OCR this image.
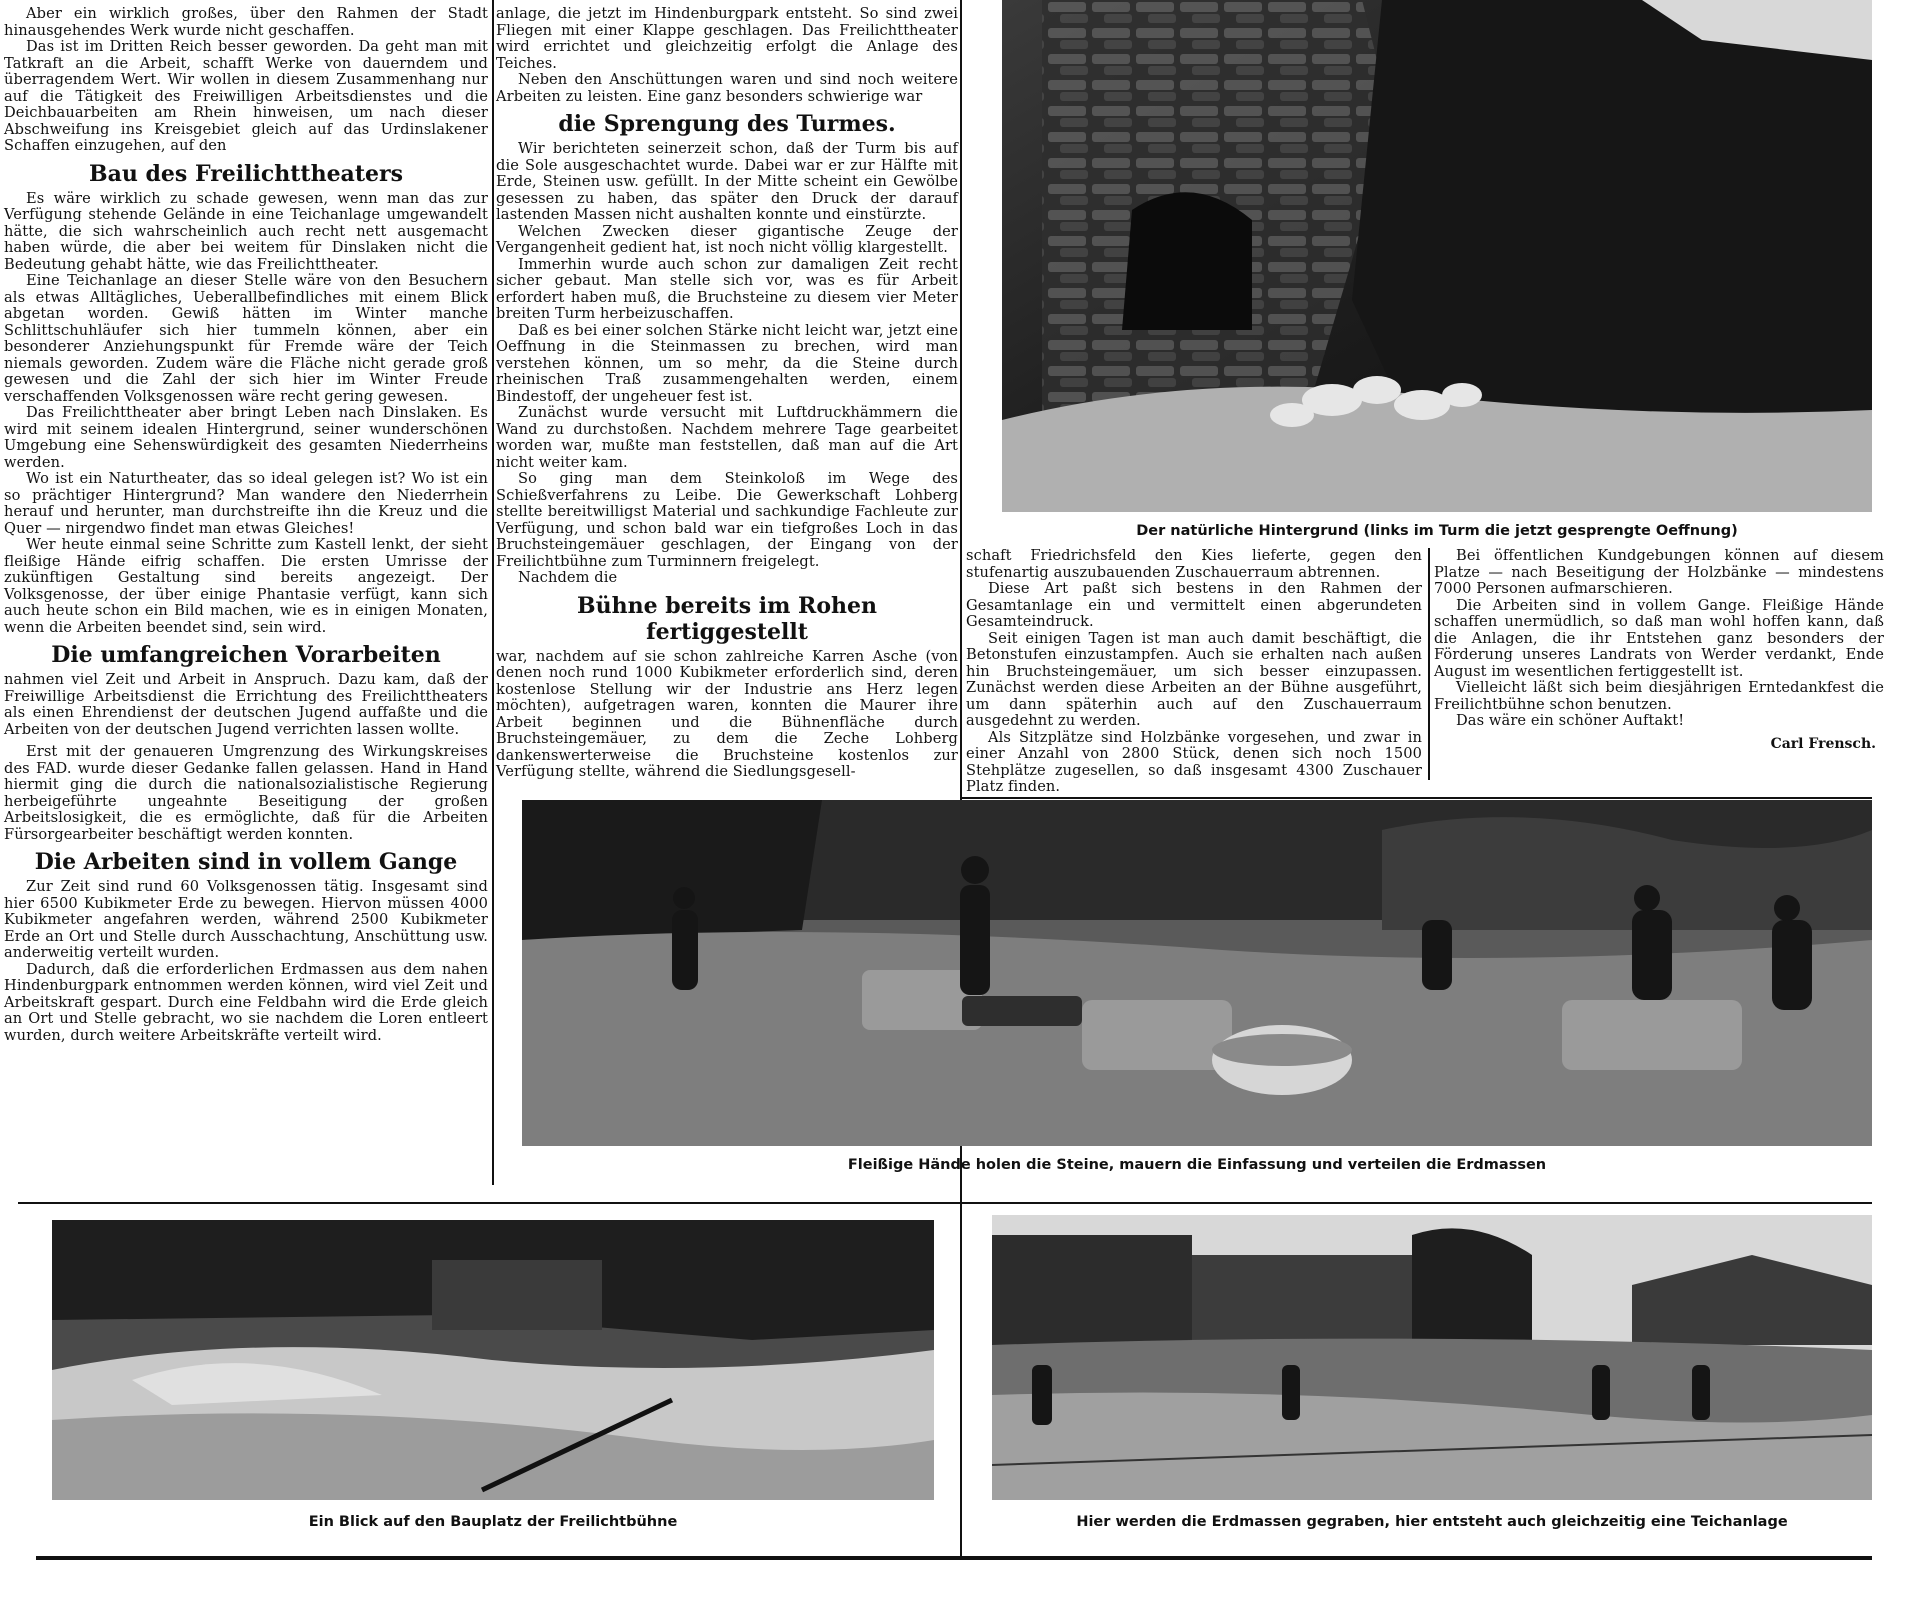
Aber ein wirklich großes, über den Rahmen der Stadt hinausgehendes Werk wurde nicht geschaffen.

Das ist im Dritten Reich besser geworden. Da geht man mit Tatkraft an die Arbeit, schafft Werke von dauerndem und überragendem Wert. Wir wollen in diesem Zusammenhang nur auf die Tätigkeit des Freiwilligen Arbeitsdienstes und die Deichbauarbeiten am Rhein hinweisen, um nach dieser Abschweifung ins Kreisgebiet gleich auf das Urdinslakener Schaffen einzugehen, auf den

Bau des Freilichttheaters

Es wäre wirklich zu schade gewesen, wenn man das zur Verfügung stehende Gelände in eine Teichanlage umgewandelt hätte, die sich wahrscheinlich auch recht nett ausgemacht haben würde, die aber bei weitem für Dinslaken nicht die Bedeutung gehabt hätte, wie das Freilichttheater.

Eine Teichanlage an dieser Stelle wäre von den Besuchern als etwas Alltägliches, Ueberallbefindliches mit einem Blick abgetan worden. Gewiß hätten im Winter manche Schlittschuhläufer sich hier tummeln können, aber ein besonderer Anziehungspunkt für Fremde wäre der Teich niemals geworden. Zudem wäre die Fläche nicht gerade groß gewesen und die Zahl der sich hier im Winter Freude verschaffenden Volksgenossen wäre recht gering gewesen.

Das Freilichttheater aber bringt Leben nach Dinslaken. Es wird mit seinem idealen Hintergrund, seiner wunderschönen Umgebung eine Sehenswürdigkeit des gesamten Niederrheins werden.

Wo ist ein Naturtheater, das so ideal gelegen ist? Wo ist ein so prächtiger Hintergrund? Man wandere den Niederrhein herauf und herunter, man durchstreifte ihn die Kreuz und die Quer — nirgendwo findet man etwas Gleiches!

Wer heute einmal seine Schritte zum Kastell lenkt, der sieht fleißige Hände eifrig schaffen. Die ersten Umrisse der zukünftigen Gestaltung sind bereits angezeigt. Der Volksgenosse, der über einige Phantasie verfügt, kann sich auch heute schon ein Bild machen, wie es in einigen Monaten, wenn die Arbeiten beendet sind, sein wird.

Die umfangreichen Vorarbeiten

nahmen viel Zeit und Arbeit in Anspruch. Dazu kam, daß der Freiwillige Arbeitsdienst die Errichtung des Freilichttheaters als einen Ehrendienst der deutschen Jugend auffaßte und die Arbeiten von der deutschen Jugend verrichten lassen wollte.

Erst mit der genaueren Umgrenzung des Wirkungskreises des FAD. wurde dieser Gedanke fallen gelassen. Hand in Hand hiermit ging die durch die nationalsozialistische Regierung herbeigeführte ungeahnte Beseitigung der großen Arbeitslosigkeit, die es ermöglichte, daß für die Arbeiten Fürsorgearbeiter beschäftigt werden konnten.

Die Arbeiten sind in vollem Gange

Zur Zeit sind rund 60 Volksgenossen tätig. Insgesamt sind hier 6500 Kubikmeter Erde zu bewegen. Hiervon müssen 4000 Kubikmeter angefahren werden, während 2500 Kubikmeter Erde an Ort und Stelle durch Ausschachtung, Anschüttung usw. anderweitig verteilt wurden.

Dadurch, daß die erforderlichen Erdmassen aus dem nahen Hindenburgpark entnommen werden können, wird viel Zeit und Arbeitskraft gespart. Durch eine Feldbahn wird die Erde gleich an Ort und Stelle gebracht, wo sie nachdem die Loren entleert wurden, durch weitere Arbeitskräfte verteilt wird.

anlage, die jetzt im Hindenburgpark entsteht. So sind zwei Fliegen mit einer Klappe geschlagen. Das Freilichttheater wird errichtet und gleichzeitig erfolgt die Anlage des Teiches.

Neben den Anschüttungen waren und sind noch weitere Arbeiten zu leisten. Eine ganz besonders schwierige war

die Sprengung des Turmes.

Wir berichteten seinerzeit schon, daß der Turm bis auf die Sole ausgeschachtet wurde. Dabei war er zur Hälfte mit Erde, Steinen usw. gefüllt. In der Mitte scheint ein Gewölbe gesessen zu haben, das später den Druck der darauf lastenden Massen nicht aushalten konnte und einstürzte.

Welchen Zwecken dieser gigantische Zeuge der Vergangenheit gedient hat, ist noch nicht völlig klargestellt.

Immerhin wurde auch schon zur damaligen Zeit recht sicher gebaut. Man stelle sich vor, was es für Arbeit erfordert haben muß, die Bruchsteine zu diesem vier Meter breiten Turm herbeizuschaffen.

Daß es bei einer solchen Stärke nicht leicht war, jetzt eine Oeffnung in die Steinmassen zu brechen, wird man verstehen können, um so mehr, da die Steine durch rheinischen Traß zusammengehalten werden, einem Bindestoff, der ungeheuer fest ist.

Zunächst wurde versucht mit Luftdruckhämmern die Wand zu durchstoßen. Nachdem mehrere Tage gearbeitet worden war, mußte man feststellen, daß man auf die Art nicht weiter kam.

So ging man dem Steinkoloß im Wege des Schießverfahrens zu Leibe. Die Gewerkschaft Lohberg stellte bereitwilligst Material und sachkundige Fachleute zur Verfügung, und schon bald war ein tiefgroßes Loch in das Bruchsteingemäuer geschlagen, der Eingang von der Freilichtbühne zum Turminnern freigelegt.

Nachdem die

Bühne bereits im Rohen fertiggestellt

war, nachdem auf sie schon zahlreiche Karren Asche (von denen noch rund 1000 Kubikmeter erforderlich sind, deren kostenlose Stellung wir der Industrie ans Herz legen möchten), aufgetragen waren, konnten die Maurer ihre Arbeit beginnen und die Bühnenfläche durch Bruchsteingemäuer, zu dem die Zeche Lohberg dankenswerterweise die Bruchsteine kostenlos zur Verfügung stellte, während die Siedlungsgesell-

Der natürliche Hintergrund (links im Turm die jetzt gesprengte Oeffnung)

schaft Friedrichsfeld den Kies lieferte, gegen den stufenartig auszubauenden Zuschauerraum abtrennen.

Diese Art paßt sich bestens in den Rahmen der Gesamtanlage ein und vermittelt einen abgerundeten Gesamteindruck.

Seit einigen Tagen ist man auch damit beschäftigt, die Betonstufen einzustampfen. Auch sie erhalten nach außen hin Bruchsteingemäuer, um sich besser einzupassen. Zunächst werden diese Arbeiten an der Bühne ausgeführt, um dann späterhin auch auf den Zuschauerraum ausgedehnt zu werden.

Als Sitzplätze sind Holzbänke vorgesehen, und zwar in einer Anzahl von 2800 Stück, denen sich noch 1500 Stehplätze zugesellen, so daß insgesamt 4300 Zuschauer Platz finden.

Bei öffentlichen Kundgebungen können auf diesem Platze — nach Beseitigung der Holzbänke — mindestens 7000 Personen aufmarschieren.

Die Arbeiten sind in vollem Gange. Fleißige Hände schaffen unermüdlich, so daß man wohl hoffen kann, daß die Anlagen, die ihr Entstehen ganz besonders der Förderung unseres Landrats von Werder verdankt, Ende August im wesentlichen fertiggestellt ist.

Vielleicht läßt sich beim diesjährigen Erntedankfest die Freilichtbühne schon benutzen.

Das wäre ein schöner Auftakt!

Carl Frensch.
Fleißige Hände holen die Steine, mauern die Einfassung und verteilen die Erdmassen
Ein Blick auf den Bauplatz der Freilichtbühne	Hier werden die Erdmassen gegraben, hier entsteht auch gleichzeitig eine Teichanlage
